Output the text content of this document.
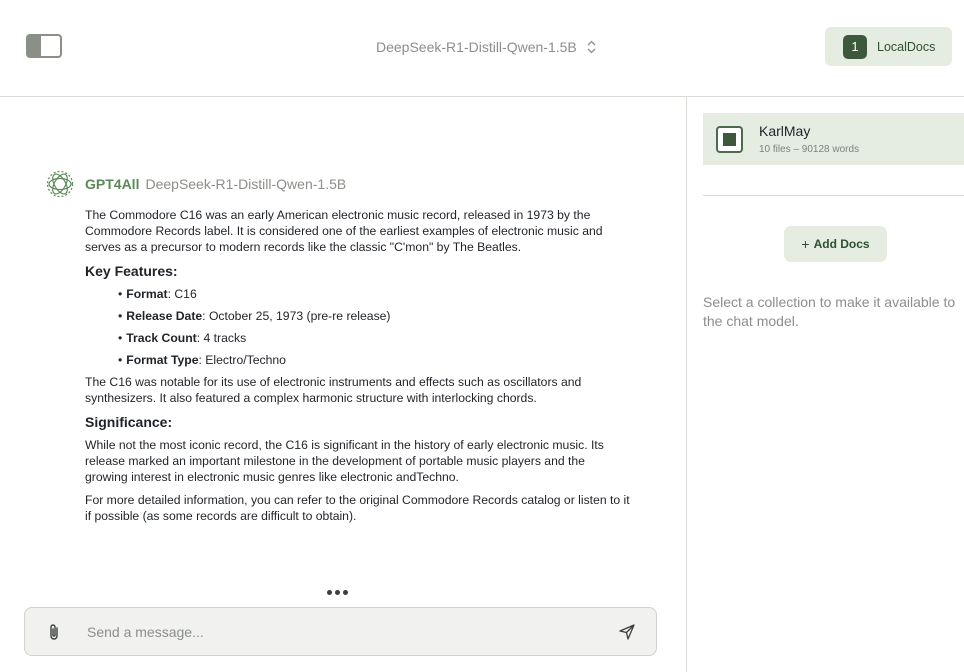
DeepSeek-R1-Distill-Qwen-1.5B	1	LocalDocs
GPT4All DeepSeek-R1-Distill-Qwen-1.5B

The Commodore C16 was an early American electronic music record, released in 1973 by the Commodore Records label. It is considered one of the earliest examples of electronic music and serves as a precursor to modern records like the classic "C'mon" by The Beatles.

Key Features:
• Format: C16
• Release Date: October 25, 1973 (pre-re release)
• Track Count: 4 tracks
• Format Type: Electro/Techno

The C16 was notable for its use of electronic instruments and effects such as oscillators and synthesizers. It also featured a complex harmonic structure with interlocking chords.

Significance:

While not the most iconic record, the C16 is significant in the history of early electronic music. Its release marked an important milestone in the development of portable music players and the growing interest in electronic music genres like electronic andTechno.

For more detailed information, you can refer to the original Commodore Records catalog or listen to it if possible (as some records are difficult to obtain).

Send a message...
KarlMay
10 files – 90128 words
+ Add Docs
Select a collection to make it available to the chat model.
